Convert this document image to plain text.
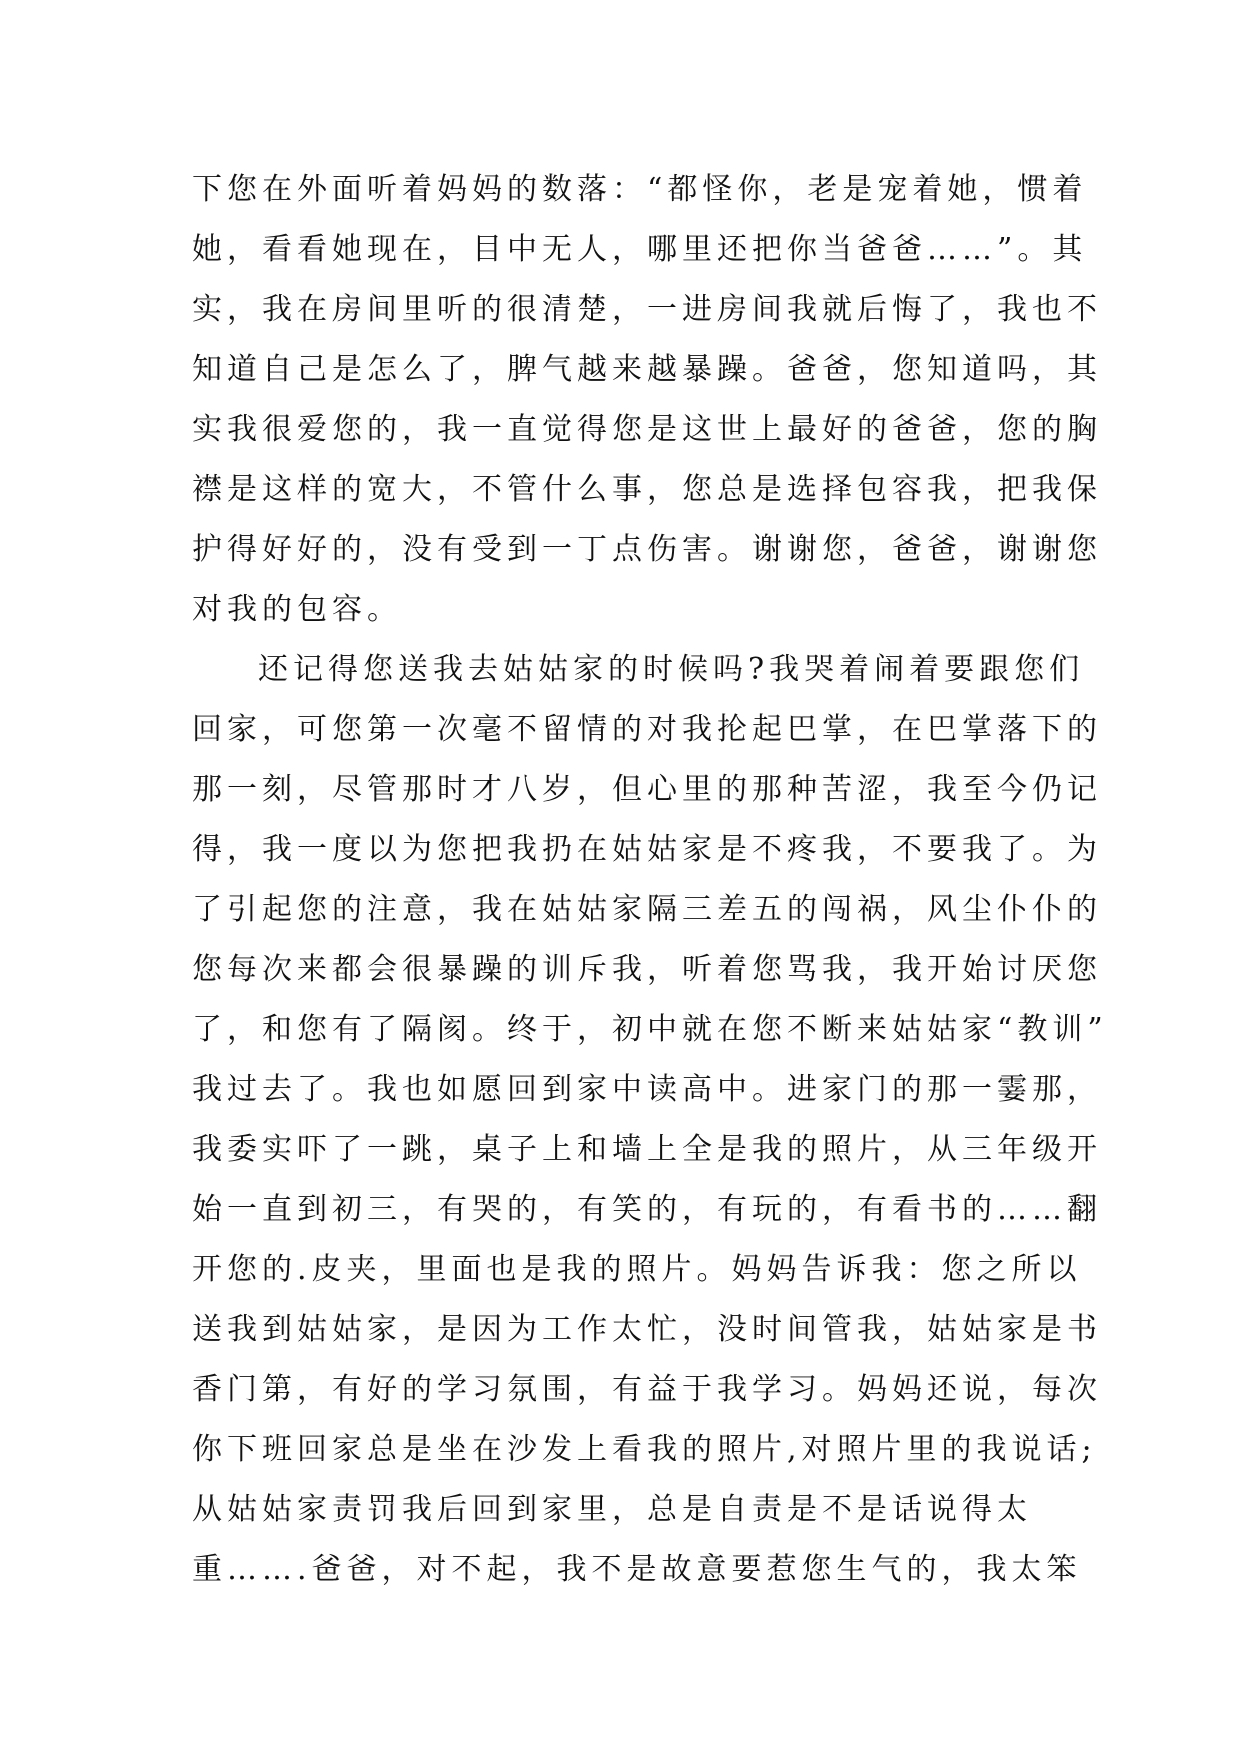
下您在外面听着妈妈的数落：“都怪你，老是宠着她，惯着
她，看看她现在，目中无人，哪里还把你当爸爸……”。其
实，我在房间里听的很清楚，一进房间我就后悔了，我也不
知道自己是怎么了，脾气越来越暴躁。爸爸，您知道吗，其
实我很爱您的，我一直觉得您是这世上最好的爸爸，您的胸
襟是这样的宽大，不管什么事，您总是选择包容我，把我保
护得好好的，没有受到一丁点伤害。谢谢您，爸爸，谢谢您
对我的包容。
还记得您送我去姑姑家的时候吗?我哭着闹着要跟您们
回家，可您第一次毫不留情的对我抡起巴掌，在巴掌落下的
那一刻，尽管那时才八岁，但心里的那种苦涩，我至今仍记
得，我一度以为您把我扔在姑姑家是不疼我，不要我了。为
了引起您的注意，我在姑姑家隔三差五的闯祸，风尘仆仆的
您每次来都会很暴躁的训斥我，听着您骂我，我开始讨厌您
了，和您有了隔阂。终于，初中就在您不断来姑姑家“教训”
我过去了。我也如愿回到家中读高中。进家门的那一霎那，
我委实吓了一跳，桌子上和墙上全是我的照片，从三年级开
始一直到初三，有哭的，有笑的，有玩的，有看书的……翻
开您的.皮夹，里面也是我的照片。妈妈告诉我：您之所以
送我到姑姑家，是因为工作太忙，没时间管我，姑姑家是书
香门第，有好的学习氛围，有益于我学习。妈妈还说，每次
你下班回家总是坐在沙发上看我的照片,对照片里的我说话;
从姑姑家责罚我后回到家里，总是自责是不是话说得太
重…….爸爸，对不起，我不是故意要惹您生气的，我太笨
